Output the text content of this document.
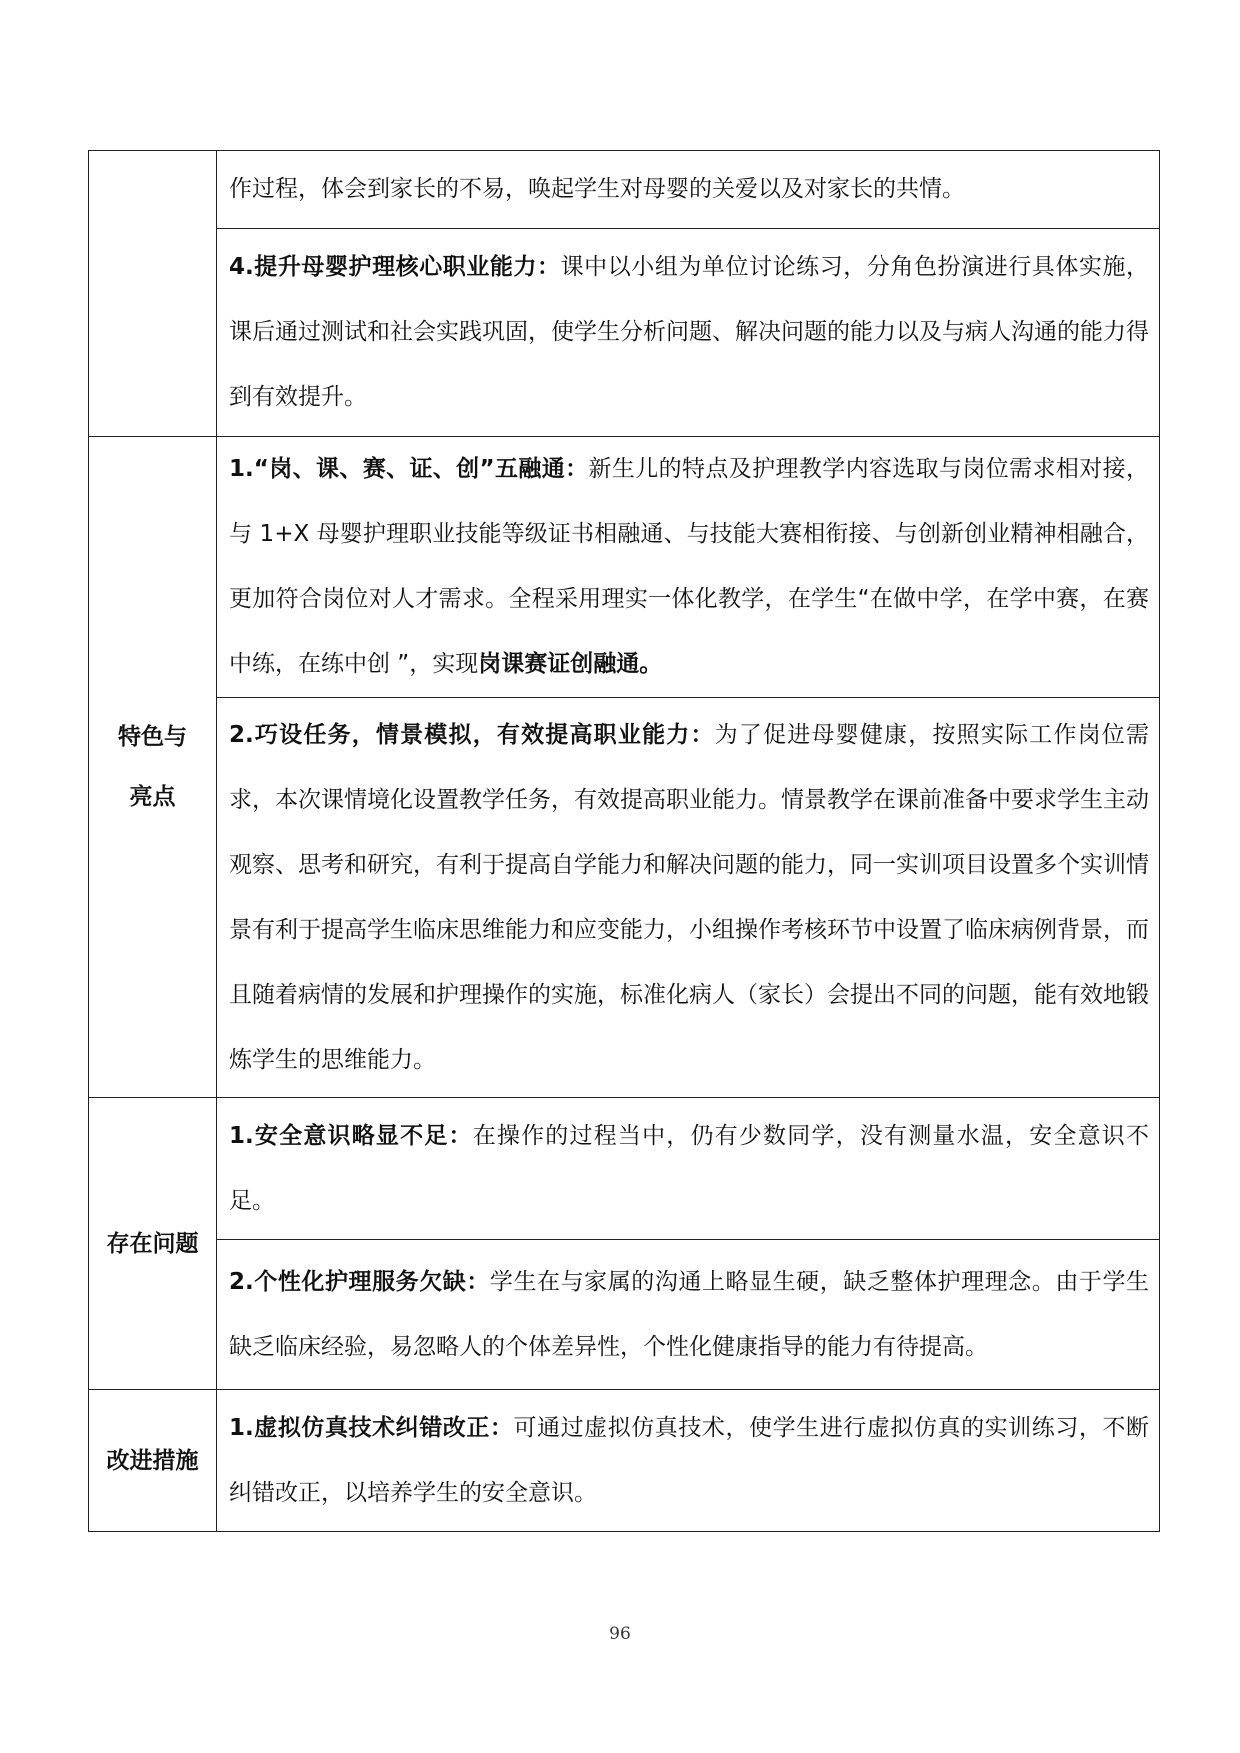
	作过程，体会到家长的不易，唤起学生对母婴的关爱以及对家长的共情。

	4.提升母婴护理核心职业能力：课中以小组为单位讨论练习，分角色扮演进行具体实施，课后通过测试和社会实践巩固，使学生分析问题、解决问题的能力以及与病人沟通的能力得到有效提升。

特色与
亮点	1.“岗、课、赛、证、创”五融通：新生儿的特点及护理教学内容选取与岗位需求相对接，与 1+X 母婴护理职业技能等级证书相融通、与技能大赛相衔接、与创新创业精神相融合，更加符合岗位对人才需求。全程采用理实一体化教学，在学生“在做中学，在学中赛，在赛中练，在练中创 ”，实现岗课赛证创融通。

	2.巧设任务，情景模拟，有效提高职业能力：为了促进母婴健康，按照实际工作岗位需求，本次课情境化设置教学任务，有效提高职业能力。情景教学在课前准备中要求学生主动观察、思考和研究，有利于提高自学能力和解决问题的能力，同一实训项目设置多个实训情景有利于提高学生临床思维能力和应变能力，小组操作考核环节中设置了临床病例背景，而且随着病情的发展和护理操作的实施，标准化病人（家长）会提出不同的问题，能有效地锻炼学生的思维能力。

存在问题	1.安全意识略显不足：在操作的过程当中，仍有少数同学，没有测量水温，安全意识不足。

	2.个性化护理服务欠缺：学生在与家属的沟通上略显生硬，缺乏整体护理理念。由于学生缺乏临床经验，易忽略人的个体差异性，个性化健康指导的能力有待提高。

改进措施	1.虚拟仿真技术纠错改正：可通过虚拟仿真技术，使学生进行虚拟仿真的实训练习，不断纠错改正，以培养学生的安全意识。

96
